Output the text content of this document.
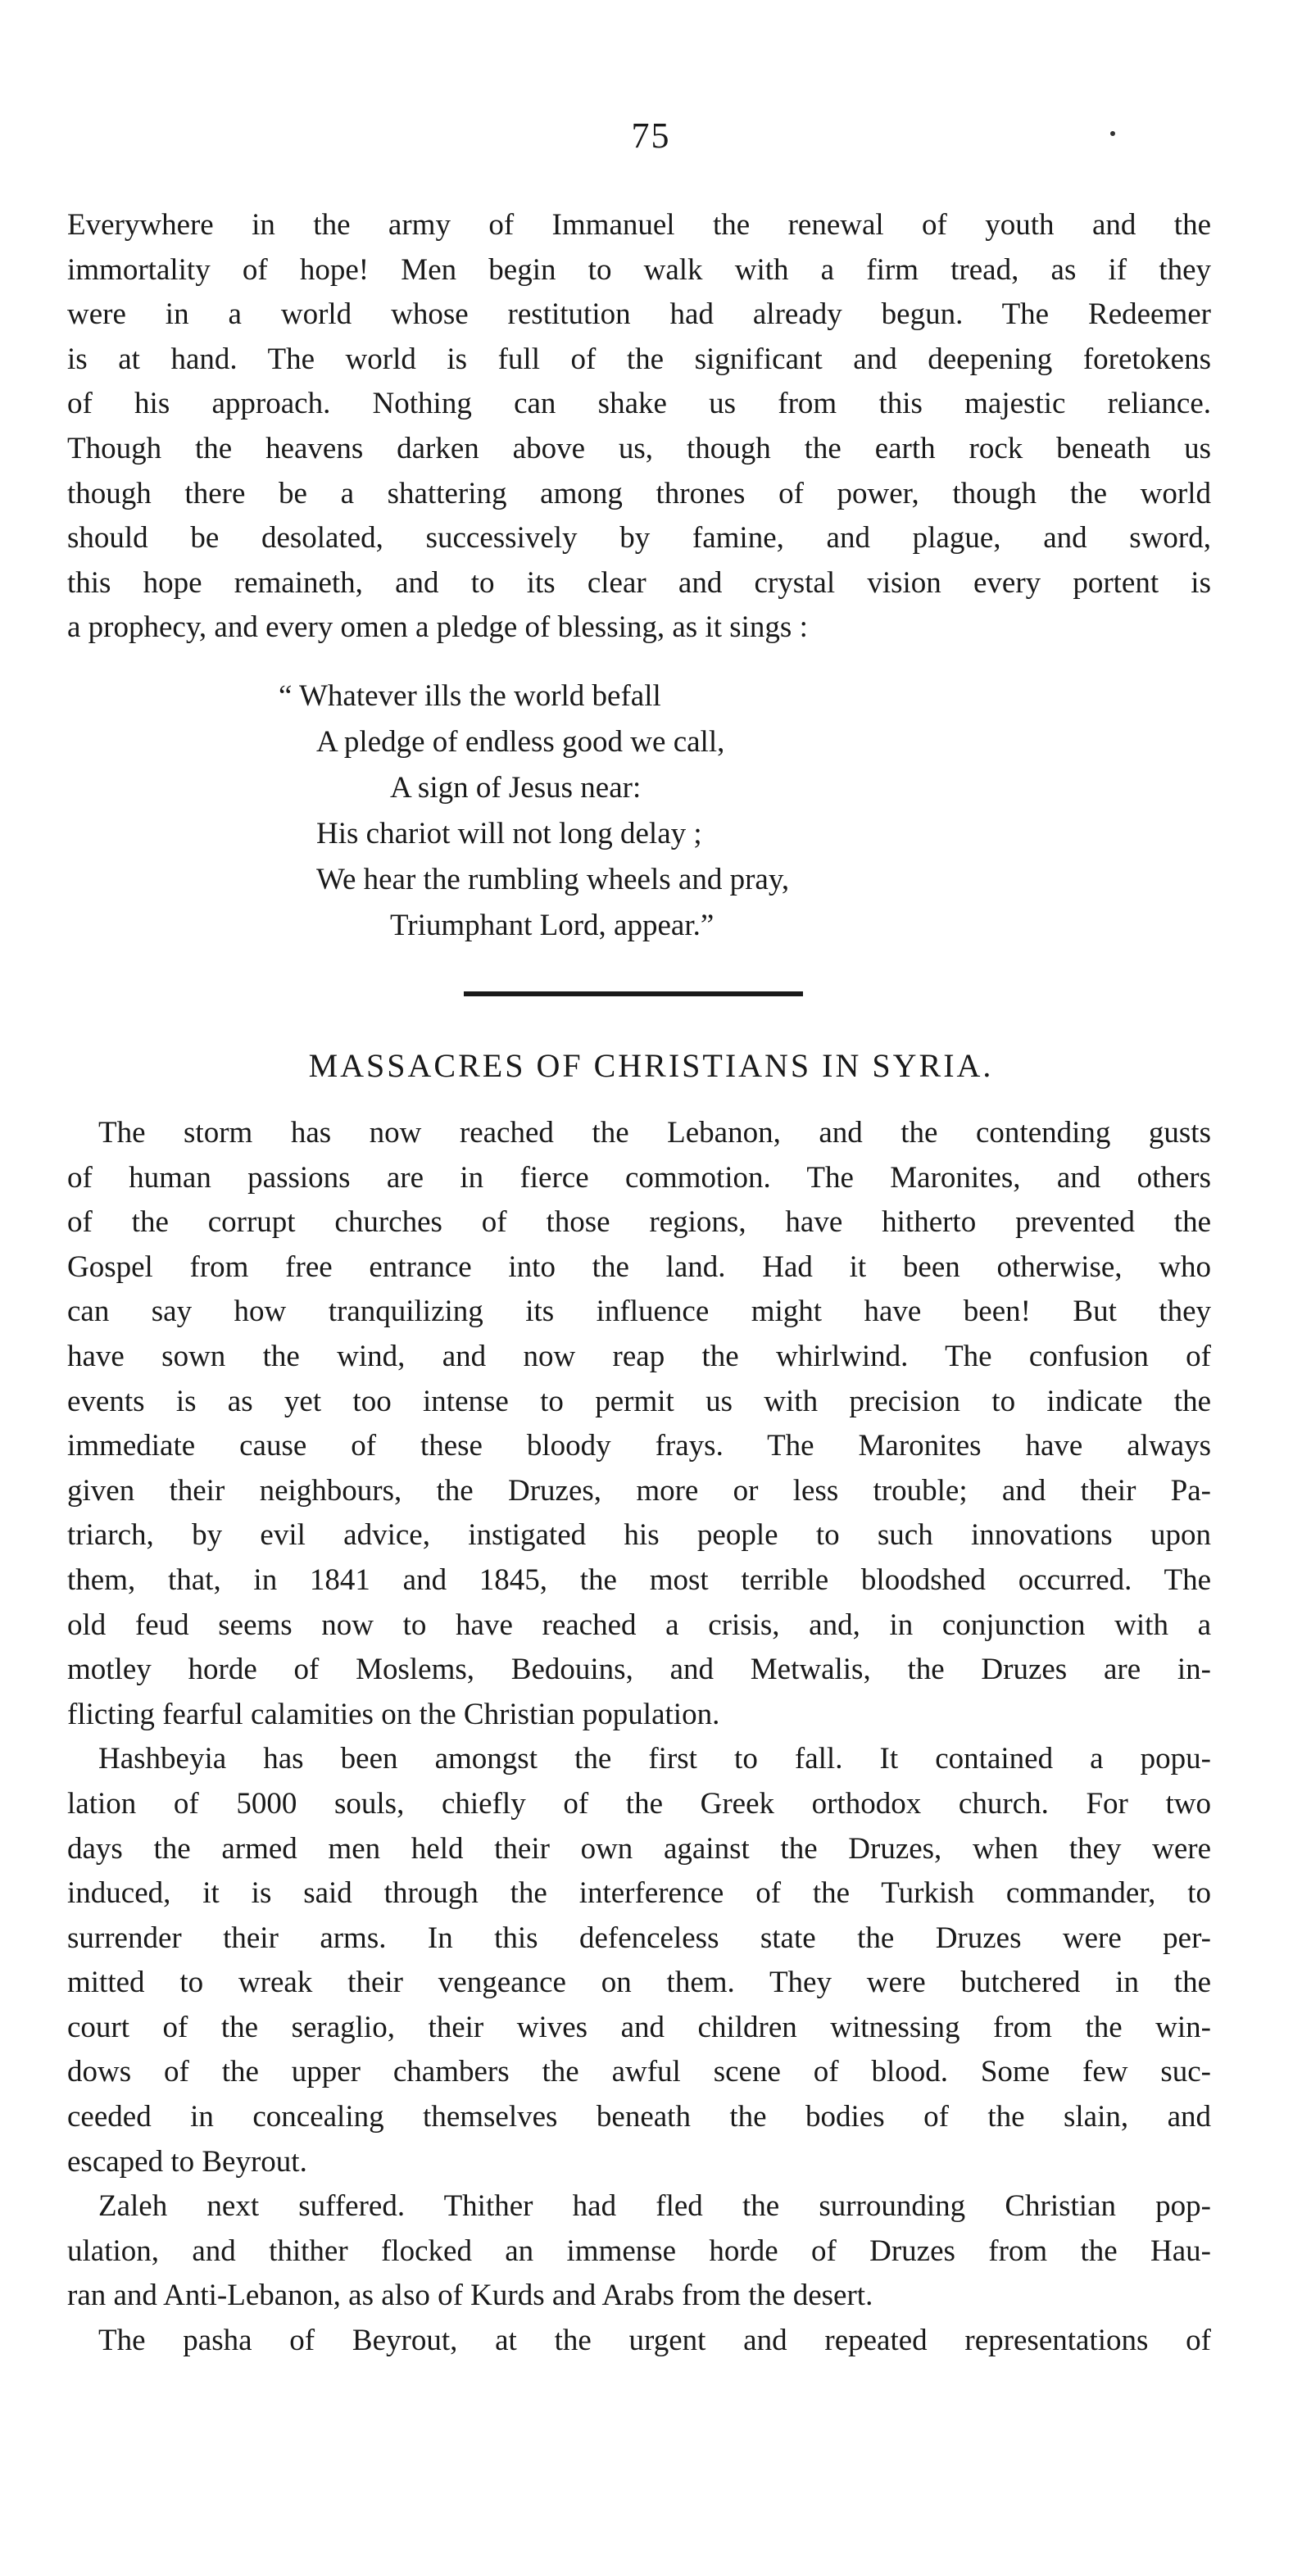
75
Everywhere in the army of Immanuel the renewal of youth and the
immortality of hope! Men begin to walk with a firm tread, as if they
were in a world whose restitution had already begun. The Redeemer
is at hand. The world is full of the significant and deepening foretokens
of his approach. Nothing can shake us from this majestic reliance.
Though the heavens darken above us, though the earth rock beneath us
though there be a shattering among thrones of power, though the world
should be desolated, successively by famine, and plague, and sword,
this hope remaineth, and to its clear and crystal vision every portent is
a prophecy, and every omen a pledge of blessing, as it sings :
“ Whatever ills the world befall
A pledge of endless good we call,
A sign of Jesus near:
His chariot will not long delay ;
We hear the rumbling wheels and pray,
Triumphant Lord, appear.”
MASSACRES OF CHRISTIANS IN SYRIA.
The storm has now reached the Lebanon, and the contending gusts
of human passions are in fierce commotion. The Maronites, and others
of the corrupt churches of those regions, have hitherto prevented the
Gospel from free entrance into the land. Had it been otherwise, who
can say how tranquilizing its influence might have been! But they
have sown the wind, and now reap the whirlwind. The confusion of
events is as yet too intense to permit us with precision to indicate the
immediate cause of these bloody frays. The Maronites have always
given their neighbours, the Druzes, more or less trouble; and their Pa-
triarch, by evil advice, instigated his people to such innovations upon
them, that, in 1841 and 1845, the most terrible bloodshed occurred. The
old feud seems now to have reached a crisis, and, in conjunction with a
motley horde of Moslems, Bedouins, and Metwalis, the Druzes are in-
flicting fearful calamities on the Christian population.
Hashbeyia has been amongst the first to fall. It contained a popu-
lation of 5000 souls, chiefly of the Greek orthodox church. For two
days the armed men held their own against the Druzes, when they were
induced, it is said through the interference of the Turkish commander, to
surrender their arms. In this defenceless state the Druzes were per-
mitted to wreak their vengeance on them. They were butchered in the
court of the seraglio, their wives and children witnessing from the win-
dows of the upper chambers the awful scene of blood. Some few suc-
ceeded in concealing themselves beneath the bodies of the slain, and
escaped to Beyrout.
Zaleh next suffered. Thither had fled the surrounding Christian pop-
ulation, and thither flocked an immense horde of Druzes from the Hau-
ran and Anti-Lebanon, as also of Kurds and Arabs from the desert.
The pasha of Beyrout, at the urgent and repeated representations of
